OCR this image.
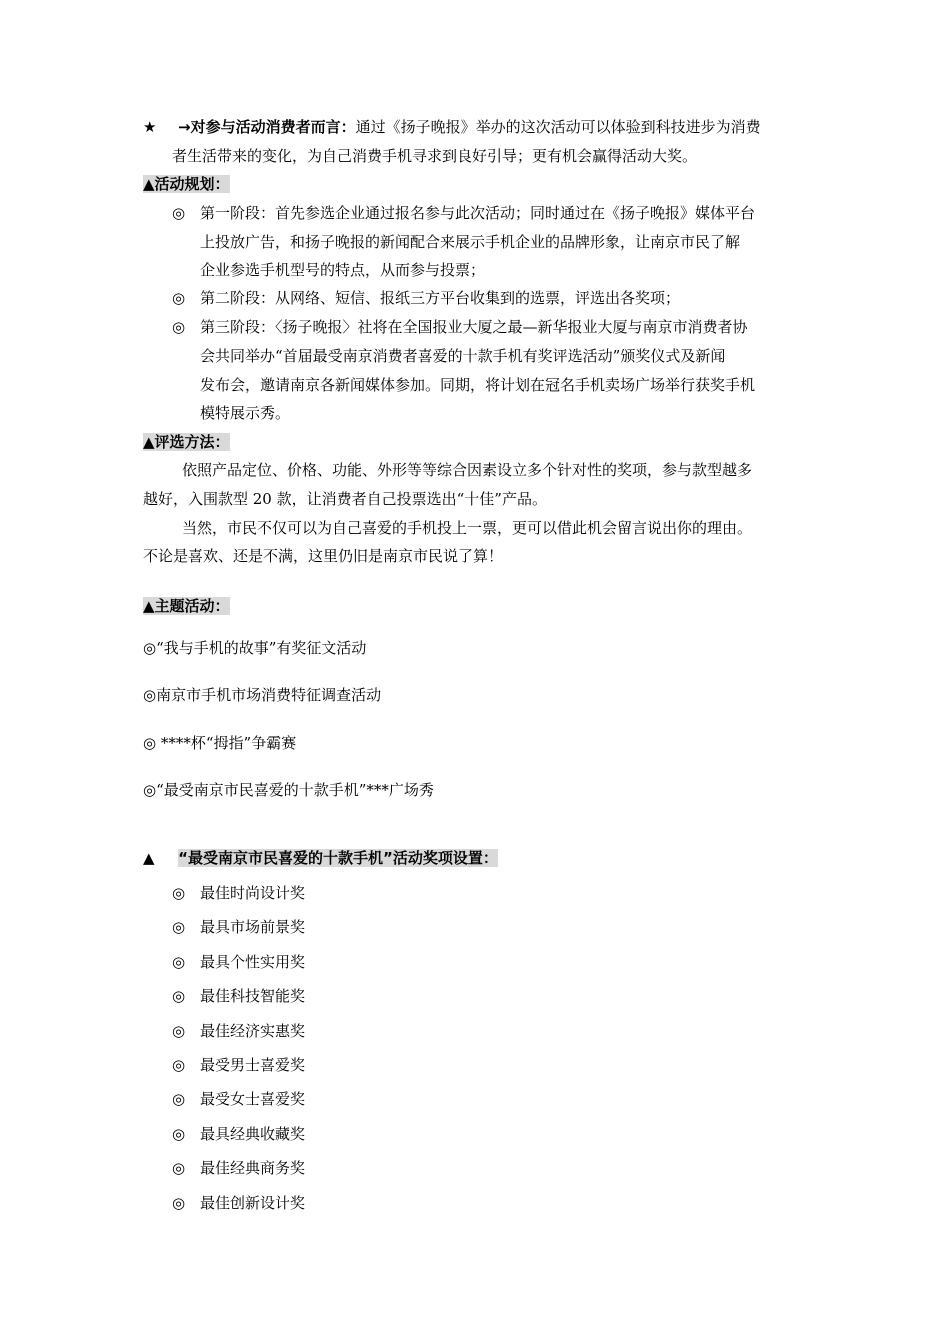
★ →对参与活动消费者而言：通过《扬子晚报》举办的这次活动可以体验到科技进步为消费
者生活带来的变化，为自己消费手机寻求到良好引导；更有机会赢得活动大奖。
▲活动规划：
◎ 第一阶段：首先参选企业通过报名参与此次活动；同时通过在《扬子晚报》媒体平台
上投放广告，和扬子晚报的新闻配合来展示手机企业的品牌形象，让南京市民了解
企业参选手机型号的特点，从而参与投票；
◎ 第二阶段：从网络、短信、报纸三方平台收集到的选票，评选出各奖项；
◎ 第三阶段：〈扬子晚报〉社将在全国报业大厦之最—新华报业大厦与南京市消费者协
会共同举办“首届最受南京消费者喜爱的十款手机有奖评选活动”颁奖仪式及新闻
发布会，邀请南京各新闻媒体参加。同期，将计划在冠名手机卖场广场举行获奖手机
模特展示秀。
▲评选方法：
依照产品定位、价格、功能、外形等等综合因素设立多个针对性的奖项，参与款型越多
越好，入围款型 20 款，让消费者自己投票选出“十佳”产品。
当然，市民不仅可以为自己喜爱的手机投上一票，更可以借此机会留言说出你的理由。
不论是喜欢、还是不满，这里仍旧是南京市民说了算！
▲主题活动：
◎“我与手机的故事”有奖征文活动
◎南京市手机市场消费特征调查活动
◎ ****杯“拇指”争霸赛
◎“最受南京市民喜爱的十款手机”***广场秀
▲ “最受南京市民喜爱的十款手机”活动奖项设置：
◎ 最佳时尚设计奖
◎ 最具市场前景奖
◎ 最具个性实用奖
◎ 最佳科技智能奖
◎ 最佳经济实惠奖
◎ 最受男士喜爱奖
◎ 最受女士喜爱奖
◎ 最具经典收藏奖
◎ 最佳经典商务奖
◎ 最佳创新设计奖
